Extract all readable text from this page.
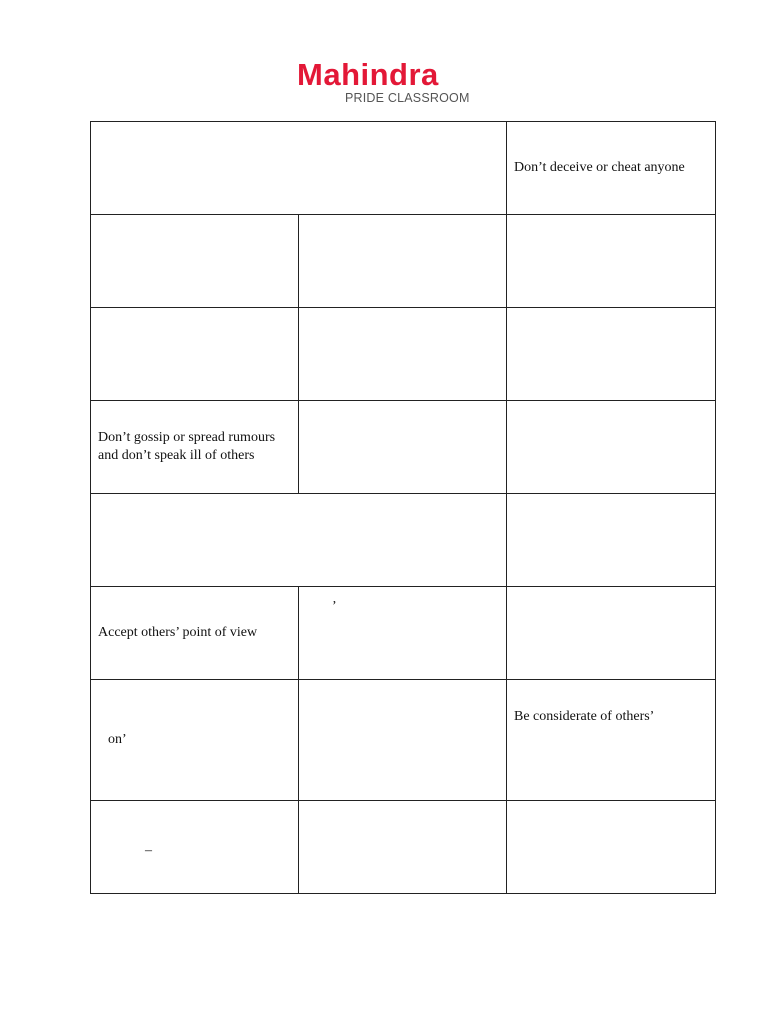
Mahindra
PRIDE CLASSROOM
		Don’t deceive or cheat anyone

Don’t gossip or spread rumours and don’t speak ill of others		

Accept others’ point of view	’	

on’		Be considerate of others’

–		
